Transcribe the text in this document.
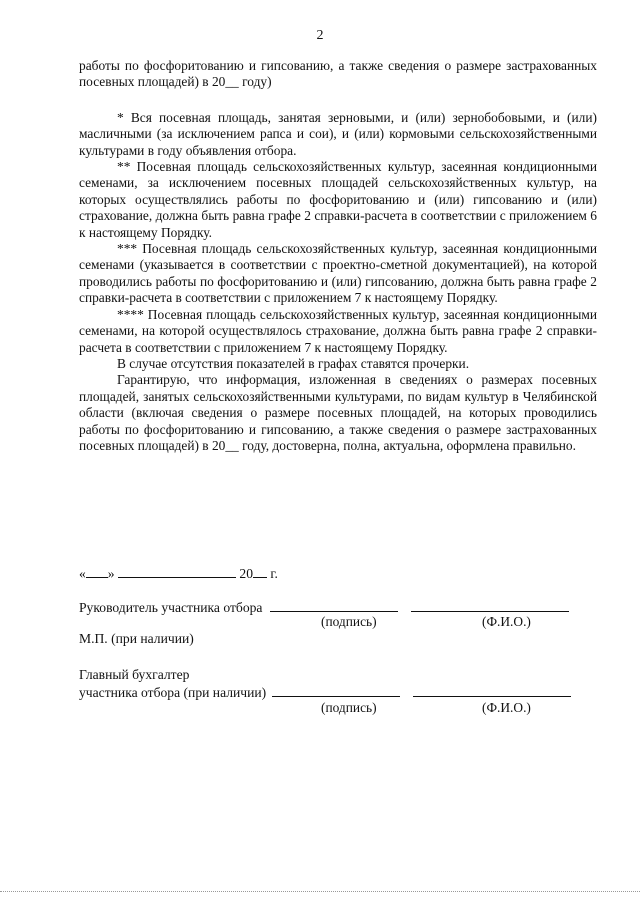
2

работы по фосфоритованию и гипсованию, а также сведения о размере застрахованных посевных площадей) в 20__ году)

* Вся посевная площадь, занятая зерновыми, и (или) зернобобовыми, и (или) масличными (за исключением рапса и сои), и (или) кормовыми сельскохозяйственными культурами в году объявления отбора.

** Посевная площадь сельскохозяйственных культур, засеянная кондиционными семенами, за исключением посевных площадей сельскохозяйственных культур, на которых осуществлялись работы по фосфоритованию и (или) гипсованию и (или) страхование, должна быть равна графе 2 справки-расчета в соответствии с приложением 6 к настоящему Порядку.

*** Посевная площадь сельскохозяйственных культур, засеянная кондиционными семенами (указывается в соответствии с проектно-сметной документацией), на которой проводились работы по фосфоритованию и (или) гипсованию, должна быть равна графе 2 справки-расчета в соответствии с приложением 7 к настоящему Порядку.

**** Посевная площадь сельскохозяйственных культур, засеянная кондиционными семенами, на которой осуществлялось страхование, должна быть равна графе 2 справки-расчета в соответствии с приложением 7 к настоящему Порядку.

В случае отсутствия показателей в графах ставятся прочерки.

Гарантирую, что информация, изложенная в сведениях о размерах посевных площадей, занятых сельскохозяйственными культурами, по видам культур в Челябинской области (включая сведения о размере посевных площадей, на которых проводились работы по фосфоритованию и гипсованию, а также сведения о размере застрахованных посевных площадей) в 20__ году, достоверна, полна, актуальна, оформлена правильно.

« »	20 г.
Руководитель участника отбора
(подпись)	(Ф.И.О.)
М.П. (при наличии)
Главный бухгалтер
участника отбора (при наличии)
(подпись)	(Ф.И.О.)
